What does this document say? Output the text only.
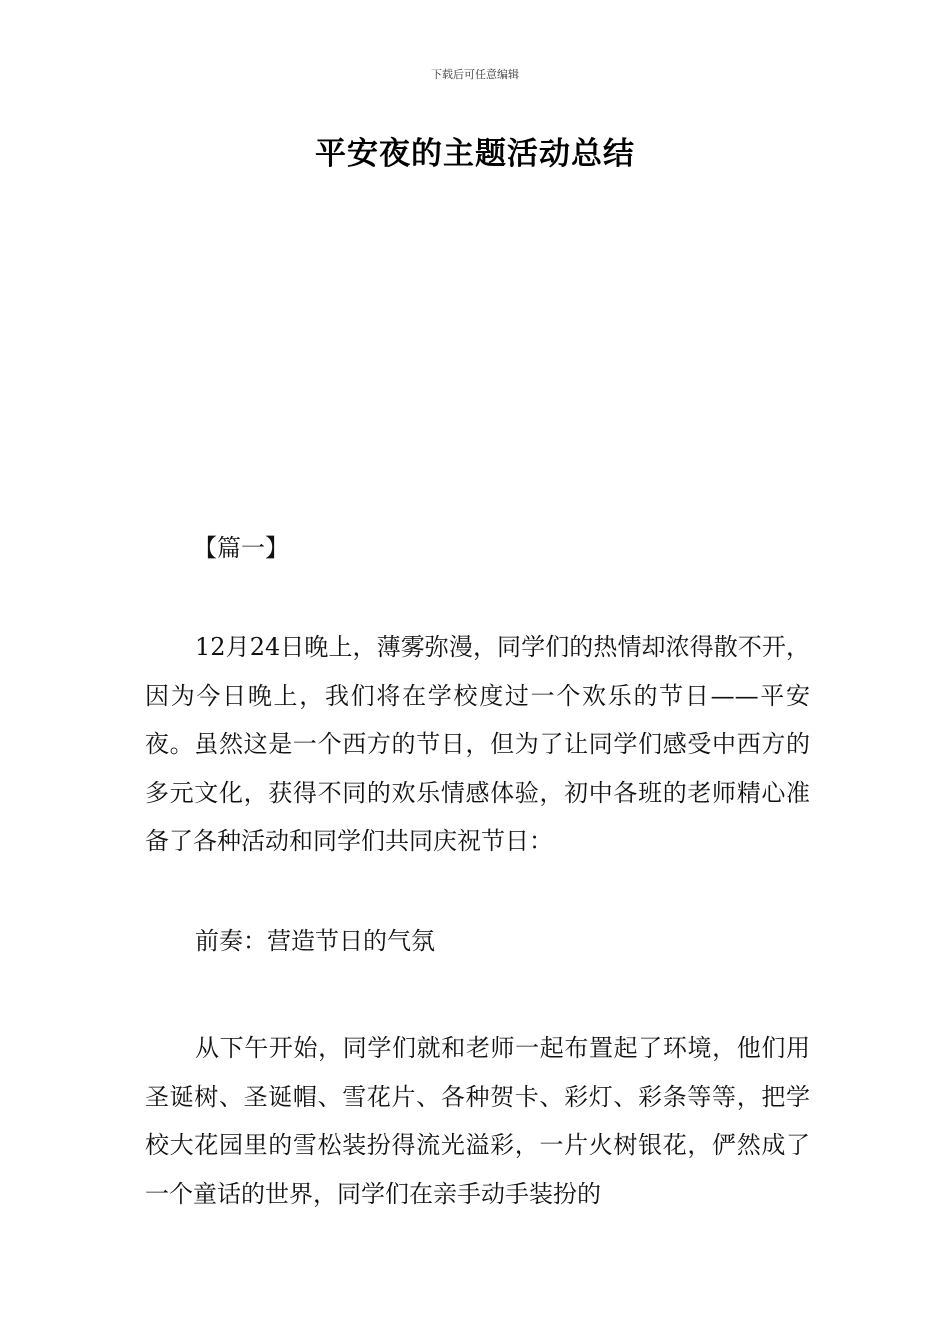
下载后可任意编辑
平安夜的主题活动总结
【篇一】

12月24日晚上，薄雾弥漫，同学们的热情却浓得散不开，因为今日晚上，我们将在学校度过一个欢乐的节日——平安夜。虽然这是一个西方的节日，但为了让同学们感受中西方的多元文化，获得不同的欢乐情感体验，初中各班的老师精心准备了各种活动和同学们共同庆祝节日：

前奏：营造节日的气氛

从下午开始，同学们就和老师一起布置起了环境，他们用圣诞树、圣诞帽、雪花片、各种贺卡、彩灯、彩条等等，把学校大花园里的雪松装扮得流光溢彩，一片火树银花，俨然成了一个童话的世界，同学们在亲手动手装扮的
